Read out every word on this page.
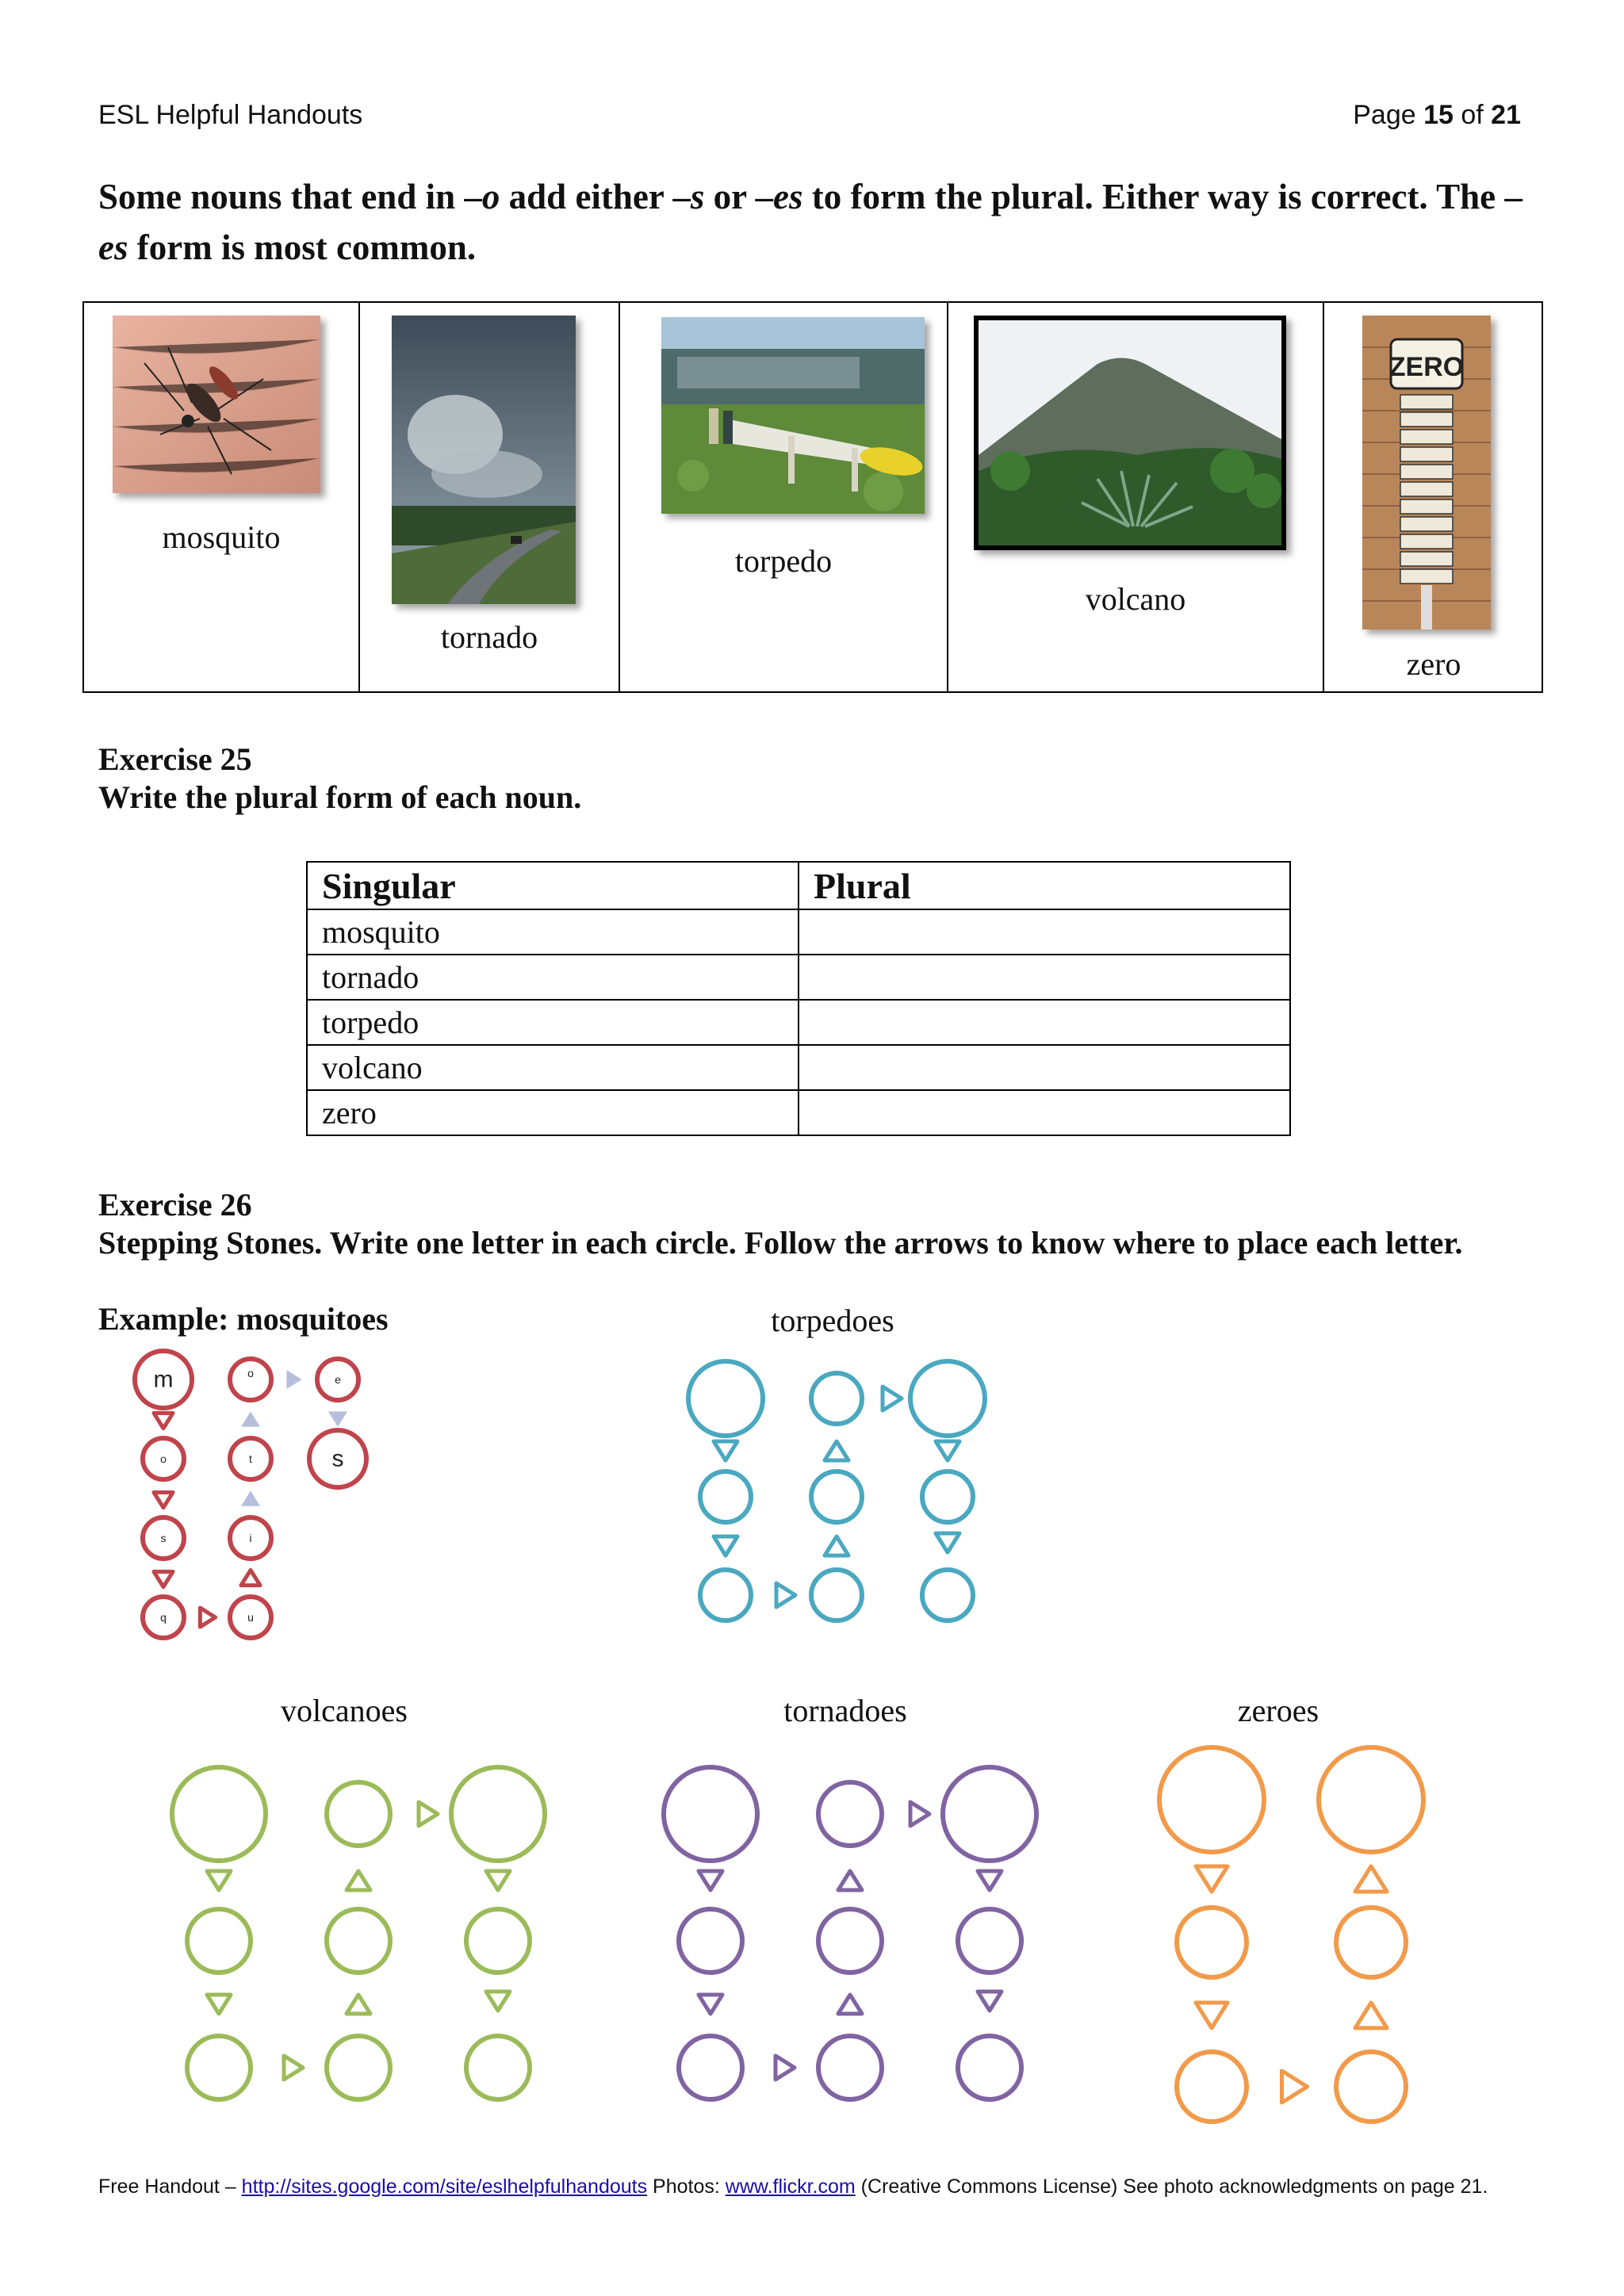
ESL Helpful Handouts	Page 15 of 21
Some nouns that end in –o add either –s or –es to form the plural. Either way is correct. The –es form is most common.
mosquito
tornado
torpedo
volcano
ZERO
zero
Exercise 25
Write the plural form of each noun.
Singular	Plural
mosquito	
tornado	
torpedo	
volcano	
zero	
Exercise 26
Stepping Stones. Write one letter in each circle. Follow the arrows to know where to place each letter.
Example: mosquitoes	torpedoes
volcanoes	tornadoes	zeroes
m
o
s
q	u
i
t
o	e
s
Free Handout – http://sites.google.com/site/eslhelpfulhandouts Photos: www.flickr.com (Creative Commons License) See photo acknowledgments on page 21.
